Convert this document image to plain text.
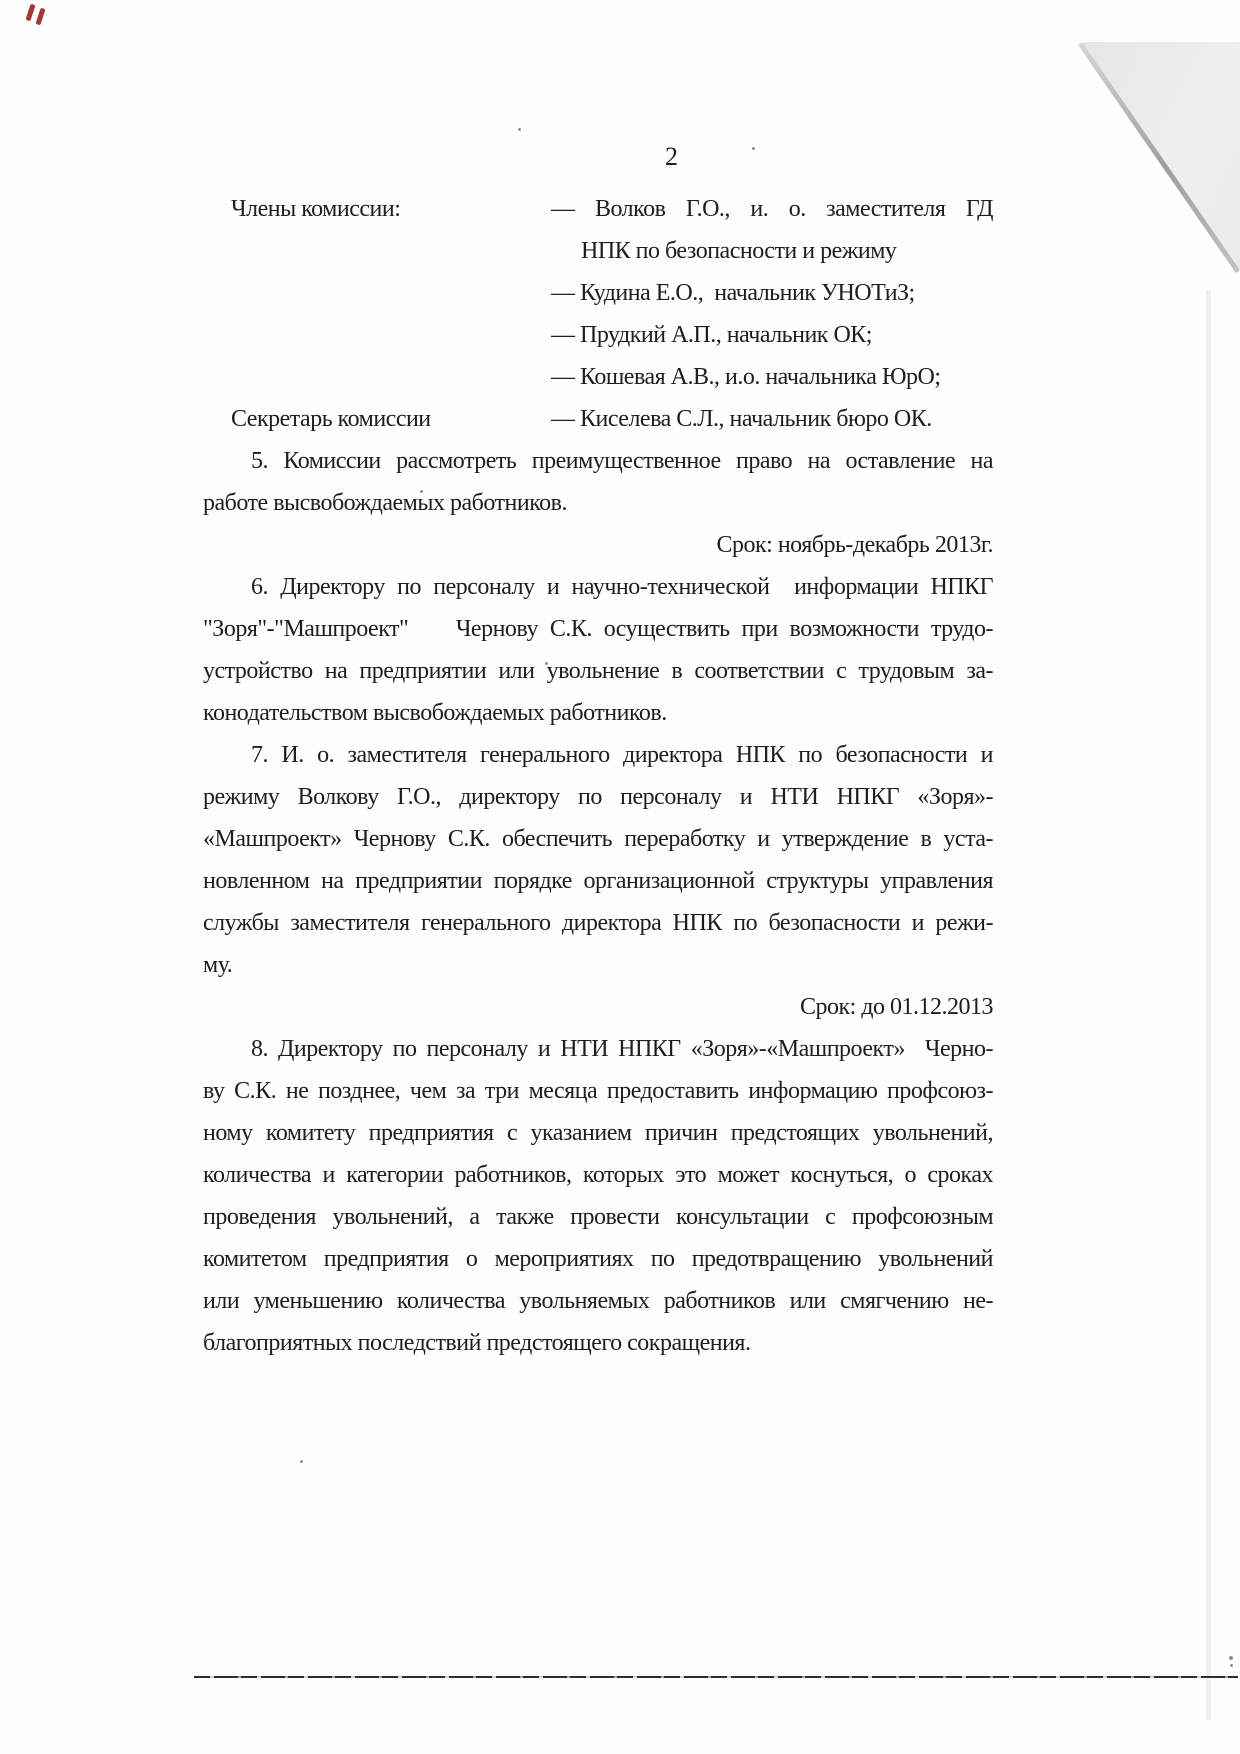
2
Члены комиссии:	— Волков Г.О., и. о. заместителя ГД
НПК по безопасности и режиму
— Кудина Е.О.,  начальник УНОТиЗ;
— Прудкий А.П., начальник ОК;
— Кошевая А.В., и.о. начальника ЮрО;
Секретарь комиссии	— Киселева С.Л., начальник бюро ОК.
5. Комиссии рассмотреть преимущественное право на оставление на
работе высвобождаемых работников.
Срок: ноябрь-декабрь 2013г.
6. Директору по персоналу и научно-технической  информации НПКГ
"Зоря"-"Машпроект"    Чернову С.К. осуществить при возможности трудо-
устройство на предприятии или увольнение в соответствии с трудовым за-
конодательством высвобождаемых работников.
7. И. о. заместителя генерального директора НПК по безопасности и
режиму Волкову Г.О., директору по персоналу и НТИ НПКГ «Зоря»-
«Машпроект» Чернову С.К. обеспечить переработку и утверждение в уста-
новленном на предприятии порядке организационной структуры управления
службы заместителя генерального директора НПК по безопасности и режи-
му.
Срок: до 01.12.2013
8. Директору по персоналу и НТИ НПКГ «Зоря»-«Машпроект»  Черно-
ву С.К. не позднее, чем за три месяца предоставить информацию профсоюз-
ному комитету предприятия с указанием причин предстоящих увольнений,
количества и категории работников, которых это может коснуться, о сроках
проведения увольнений, а также провести консультации с профсоюзным
комитетом предприятия о мероприятиях по предотвращению увольнений
или уменьшению количества увольняемых работников или смягчению не-
благоприятных последствий предстоящего сокращения.
